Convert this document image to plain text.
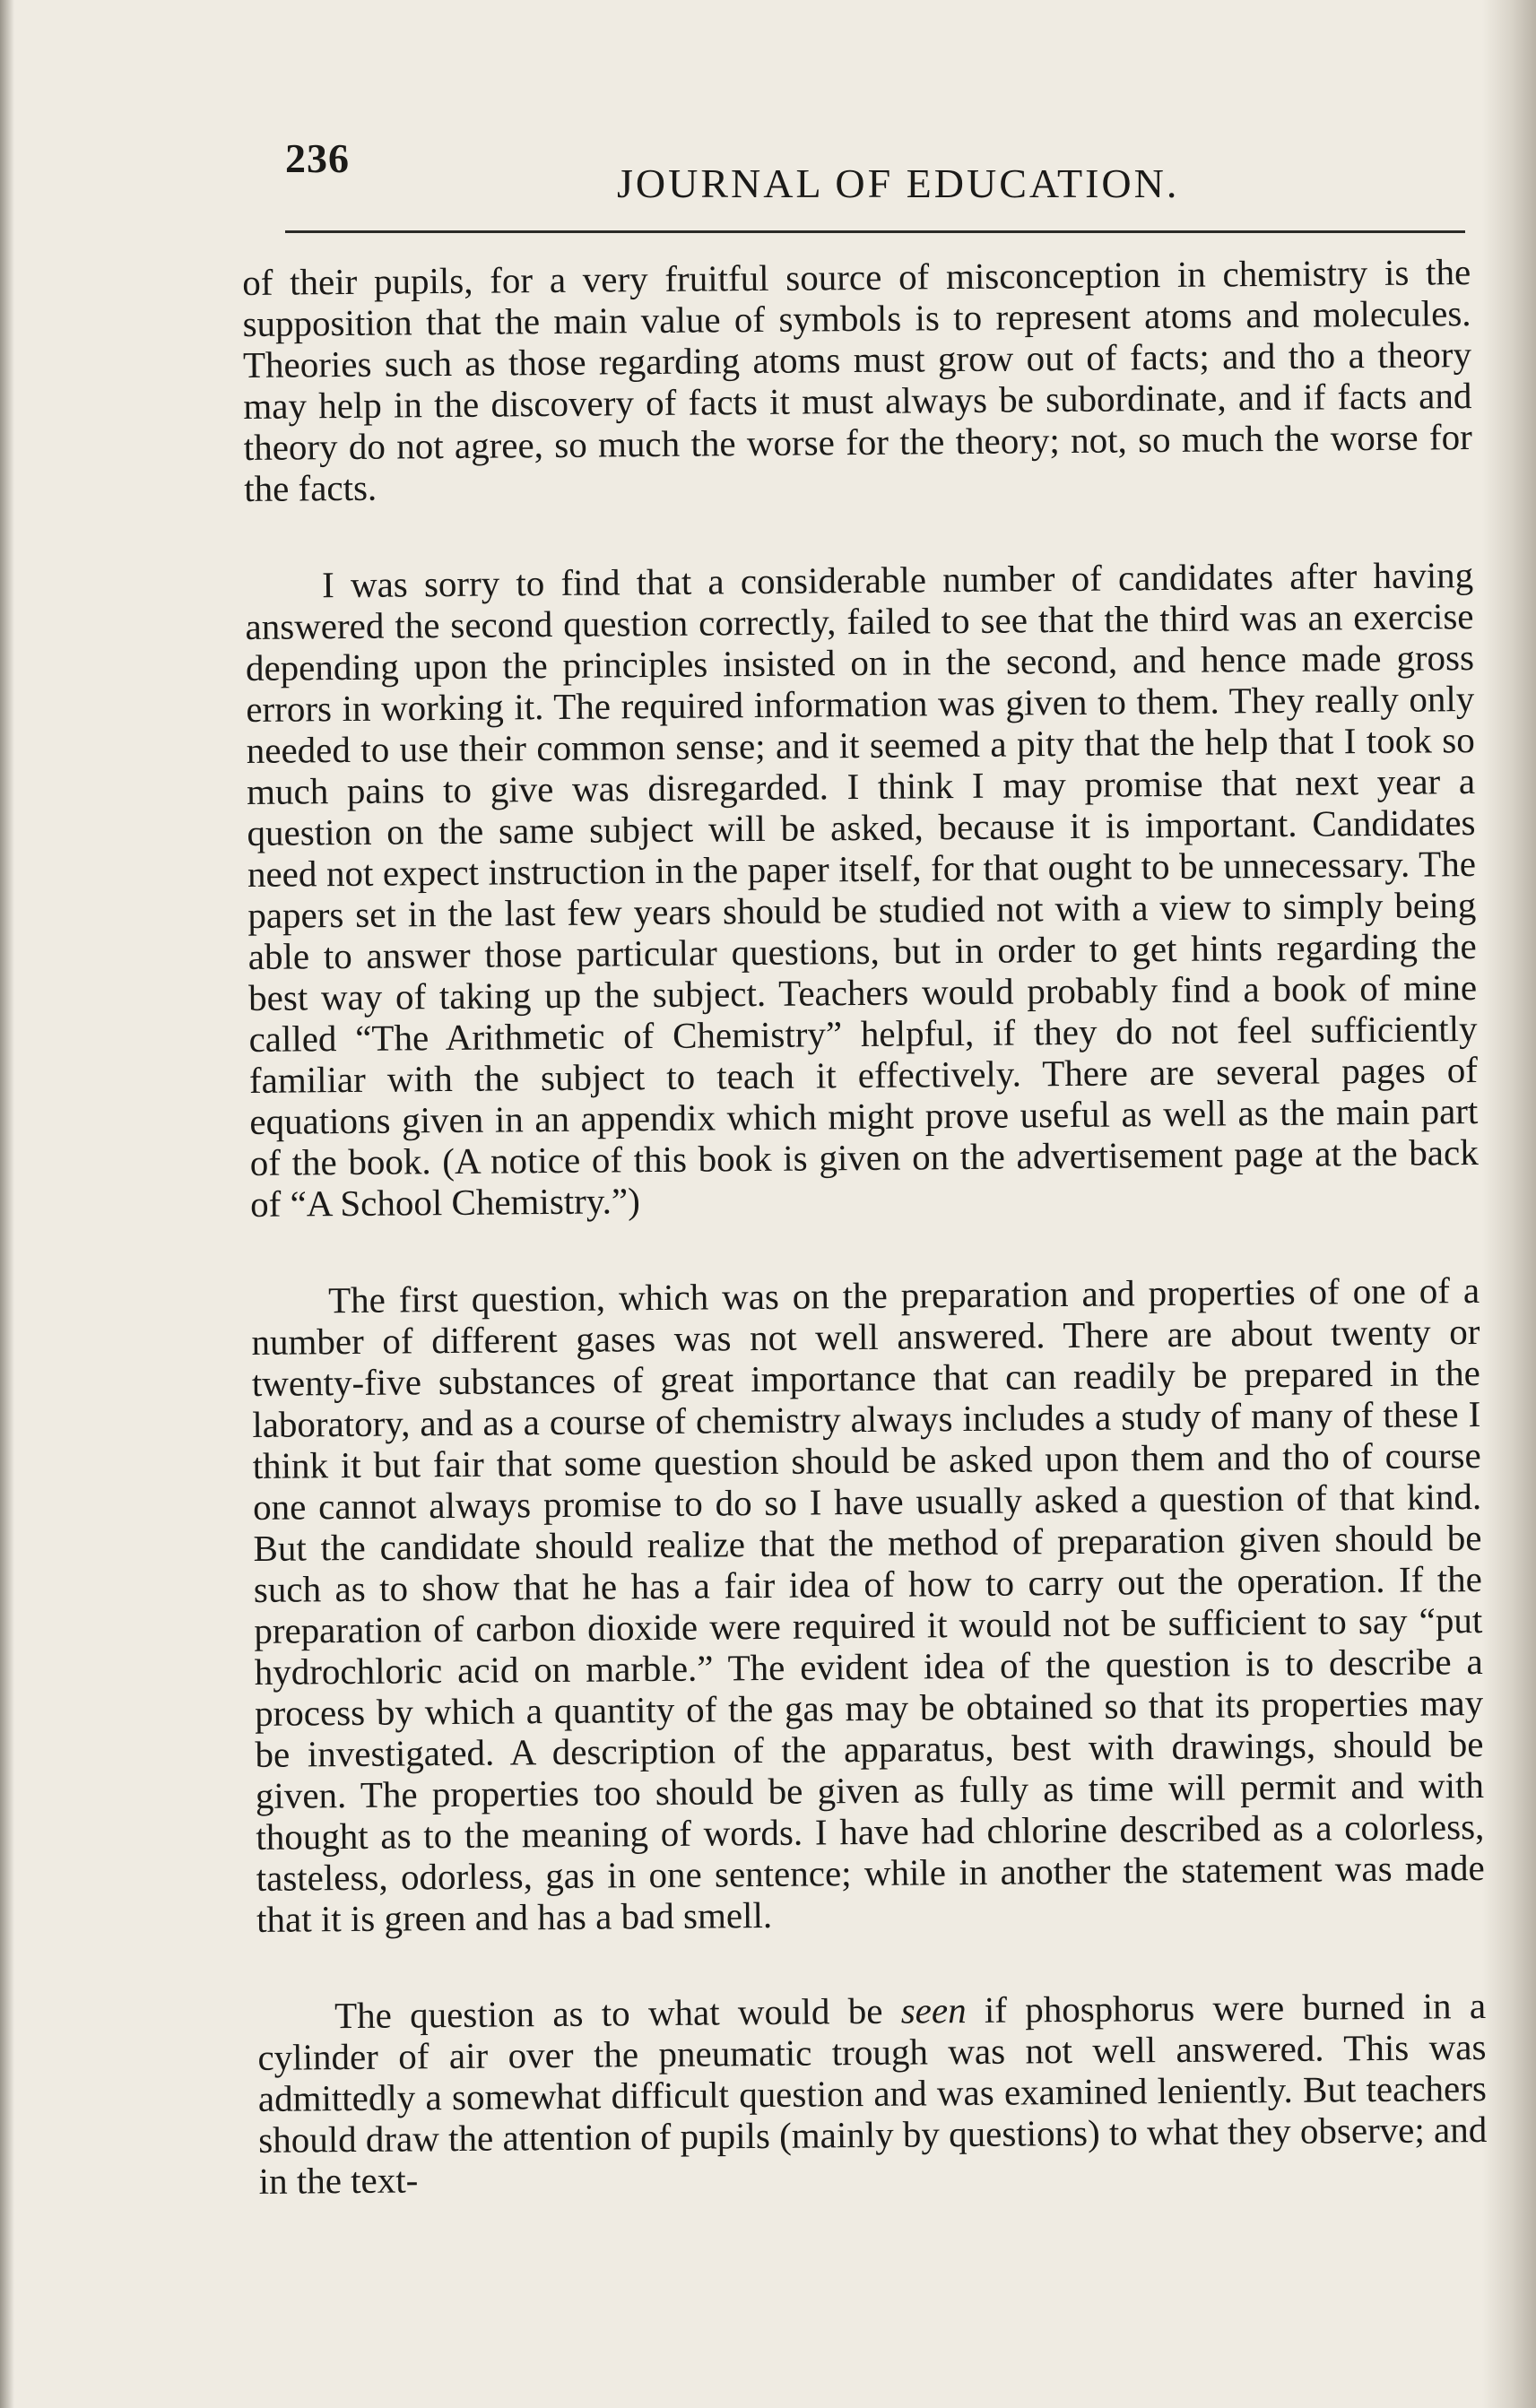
236
JOURNAL OF EDUCATION.

of their pupils, for a very fruitful source of misconception in chemistry is the supposition that the main value of symbols is to represent atoms and molecules. Theories such as those regarding atoms must grow out of facts; and tho a theory may help in the discovery of facts it must always be subordinate, and if facts and theory do not agree, so much the worse for the theory; not, so much the worse for the facts.

I was sorry to find that a considerable number of candidates after having answered the second question correctly, failed to see that the third was an exercise depending upon the principles insisted on in the second, and hence made gross errors in working it. The required information was given to them. They really only needed to use their common sense; and it seemed a pity that the help that I took so much pains to give was disregarded. I think I may promise that next year a question on the same subject will be asked, because it is important. Candidates need not expect instruction in the paper itself, for that ought to be unnecessary. The papers set in the last few years should be studied not with a view to simply being able to answer those particular questions, but in order to get hints regarding the best way of taking up the subject. Teachers would probably find a book of mine called “The Arithmetic of Chemistry” helpful, if they do not feel sufficiently familiar with the subject to teach it effectively. There are several pages of equations given in an appendix which might prove useful as well as the main part of the book. (A notice of this book is given on the advertisement page at the back of “A School Chemistry.”)

The first question, which was on the preparation and properties of one of a number of different gases was not well answered. There are about twenty or twenty-five substances of great importance that can readily be prepared in the laboratory, and as a course of chemistry always includes a study of many of these I think it but fair that some question should be asked upon them and tho of course one cannot always promise to do so I have usually asked a question of that kind. But the candidate should realize that the method of preparation given should be such as to show that he has a fair idea of how to carry out the operation. If the preparation of carbon dioxide were required it would not be sufficient to say “put hydrochloric acid on marble.” The evident idea of the question is to describe a process by which a quantity of the gas may be obtained so that its properties may be investigated. A description of the apparatus, best with drawings, should be given. The properties too should be given as fully as time will permit and with thought as to the meaning of words. I have had chlorine described as a colorless, tasteless, odorless, gas in one sentence; while in another the statement was made that it is green and has a bad smell.

The question as to what would be seen if phosphorus were burned in a cylinder of air over the pneumatic trough was not well answered. This was admittedly a somewhat difficult question and was examined leniently. But teachers should draw the attention of pupils (mainly by questions) to what they observe; and in the text-
